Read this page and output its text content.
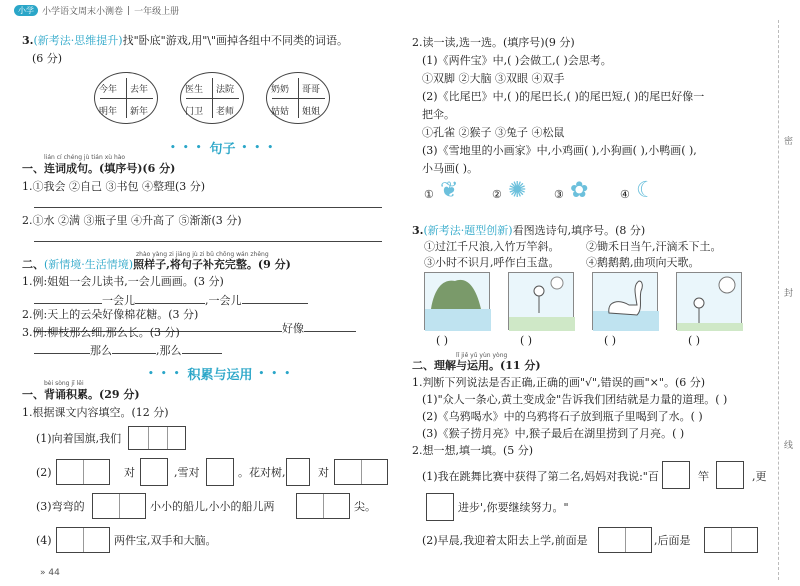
小学 小学语文周末小测卷 | 一年级上册
3.(新考法·思维提升)找"卧底"游戏,用"\"画掉各组中不同类的词语。
(6 分)
今年 去年
明年 新年
医生 法院
门卫 老师
奶奶 哥哥
姑姑 姐姐
• • • 句子 • • •
lián cí chéng jù tián xù hào
一、连词成句。(填序号)(6 分)
1.①我会 ②自己 ③书包 ④整理(3 分)
2.①水 ②满 ③瓶子里 ④升高了 ⑤渐渐(3 分)
zhào yàng zi jiāng jù zi bǔ chōng wán zhěng
二、(新情境·生活情境)照样子,将句子补充完整。(9 分)
1.例:姐姐一会儿读书,一会儿画画。(3 分)
一会儿	,一会儿
2.例:天上的云朵好像棉花糖。(3 分)
好像
3.例:柳枝那么细,那么长。(3 分)
那么	,那么
• • • 积累与运用 • • •
bèi sòng jī lěi
一、背诵积累。(29 分)
1.根据课文内容填空。(12 分)
(1)向着国旗,我们
(2)	对	,雪对	。花对树,	对
(3)弯弯的	小小的船儿,小小的船儿两	尖。
(4)	两件宝,双手和大脑。
» 44
2.读一读,选一选。(填序号)(9 分)
(1)《两件宝》中,( )会做工,( )会思考。
①双脚 ②大脑 ③双眼 ④双手
(2)《比尾巴》中,( )的尾巴长,( )的尾巴短,( )的尾巴好像一
把伞。
①孔雀 ②猴子 ③兔子 ④松鼠
(3)《雪地里的小画家》中,小鸡画( ),小狗画( ),小鸭画( ),
小马画( )。
① ❦	② ✺	③ ✿	④ ☾
3.(新考法·题型创新)看图选诗句,填序号。(8 分)
①过江千尺浪,入竹万竿斜。 ②锄禾日当午,汗滴禾下土。
③小时不识月,呼作白玉盘。 ④鹅鹅鹅,曲项向天歌。
( )	( )	( )	( )
lǐ jiě yǔ yùn yòng
二、理解与运用。(11 分)
1.判断下列说法是否正确,正确的画"√",错误的画"×"。(6 分)
(1)"众人一条心,黄土变成金"告诉我们团结就是力量的道理。( )
(2)《乌鸦喝水》中的乌鸦将石子放到瓶子里喝到了水。( )
(3)《猴子捞月亮》中,猴子最后在湖里捞到了月亮。( )
2.想一想,填一填。(5 分)
(1)我在跳舞比赛中获得了第二名,妈妈对我说:"百	竿	,更
进步',你要继续努力。"
(2)早晨,我迎着太阳去上学,前面是	,后面是
密
封
线
